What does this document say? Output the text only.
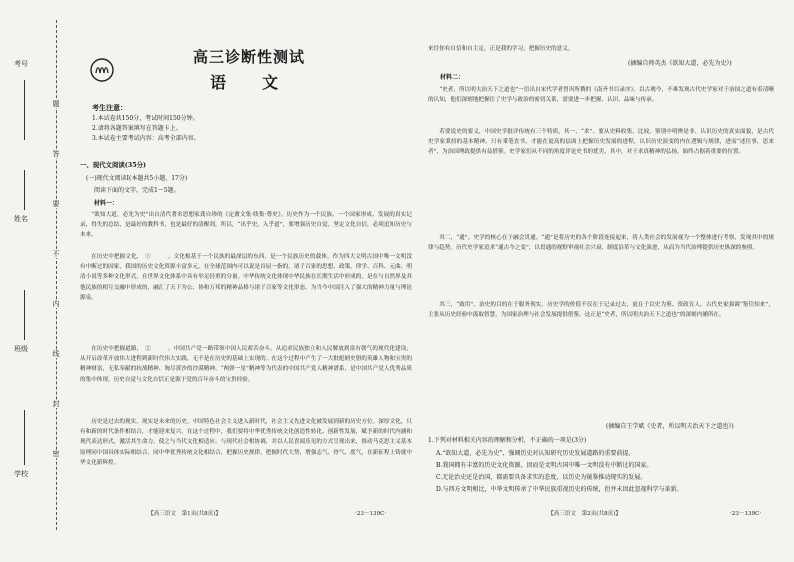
题
答
要
不
内
线
封
密
考号
姓名
班级
学校
高三诊断性测试
语　文
考生注意：
1.本试卷共150分，考试时间150分钟。
2.请将各题答案填写在答题卡上。
3.本试卷主要考试内容：高考全部内容。
一、现代文阅读(35分)
(一)现代文阅读Ⅰ(本题共5小题，17分)
阅读下面的文字，完成1～5题。
材料一：
“欲知大道，必先为史”出自清代著名思想家龚自珍的《定盦文集·续集·尊史》。历史作为一个民族、一个国家形成、发展的真实记录，得失的总结，是最好的教科书，也是最好的清醒剂，所以，“出乎史，入乎道”，要增强历史自觉，坚定文化自信，必须追知历史与本来。
在历史中把握文化，　①　　　。文化根基于一个民族的最深层的东西，是一个民族历史的载体。作为四大文明古国中唯一文明没有中断过的国家，我国的历史文化资源丰富多元，在全球范围内可以说是首屈一指的，诸子百家的思想、政策、律学、百科、元曲、明清小说等多种文化形式，在世界文化体系中具有举足轻重的分量。中华传统文化体现中华民族在长期生活中形成的，是在与自然界及其他民族的相互交融中形成的，融汇了天下为公、协和万邦的精神品格与诸子百家等文化形态，为当今中国注入了强大的精神力量与理论源泉。
在历史中把握道路，　②　　　。中国共产党一路带领中国人民艰苦奋斗，从追求民族独立和人民解放到富有朝气的现代化建设，从开启改革开放伟大进程到新时代伟大实践，无不是在历史的基础上实现的。在这个过程中产生了一大批彪炳史册的英雄人物和宝贵的精神财富，无私奉献的抗战精神、淘尽黄沙的沙漠精神、“两弹一星”精神等为代表的中国共产党人精神谱系，是中国共产党人优秀品质的集中体现。历史自觉与文化自信正是源于党的百年奋斗的宝贵经验。
历史是过去的现实，现实是未来的历史。中国特色社会主义进入新时代，社会主义先进文化被发展到新的历史方位。深厚文化，只有和新的时代条件相结合，才能迎来复兴。在这个过程中，我们要将中华优秀传统文化创造性转化、创新性发展，赋予新的时代内涵和现代表达形式，激活其生命力，使之与当代文化相适应、与现代社会相协调，并以人民喜闻乐见的方式呈现出来，推动马克思主义基本原理同中国具体实际相结合、同中华优秀传统文化相结合，把握历史规律，把握时代大势，增强志气、骨气、底气，在新征程上铸就中华文化新辉煌。
【高三语文　第1页(共8页)】	·23－139C·
来往你有自信和自主定，正是我的学习，把握历史的意义。
(摘编自师英杰《欲知大道，必先为史》)
材料二：
“史者，所以明夫治天下之道也”一语出自宋代学者曾巩所撰的《南齐书目录序》。以古观今，不难发现古代史学家对于治国之道有着清晰的认知，他们深刻地把握住了史学与政治的密切关系，需要进一步把握、认识、品味与传承。
若要说史的要义，中国史学批评传统有三个特质，其一，“求”。要从史料收集、比较、鉴别中明辨是非、认识历史的真实面貌，是古代史学家秉持的基本精神。只有秉笔直书，才能在更高的层面上把握历史发展的进程，认识历史演变的内在逻辑与规律，进而“述往事，思来者”，为治国理政提供有益借鉴。史学家们从不同的角度评论史书的优劣，其中，对于求真精神的弘扬，始终占据着重要的位置。
其二，“通”。史学的核心在于融会贯通。“通”是将历史的各个阶段连接起来，将人类社会的发展视为一个整体进行考察，发现其中的规律与趋势。历代史学家追求“通古今之变”，以贯通的视野审视社会兴衰、制度沿革与文化演进，从而为当代治理提供历史纵深的参照。
其三，“致用”。治史的目的在于服务现实。历史学的价值不仅在于记录过去，更在于以史为鉴、资政育人。古代史家强调“鉴往知来”，主张从历史经验中汲取智慧，为国家治理与社会发展提供借鉴，这正是“史者，所以明夫治天下之道也”的深刻内涵所在。
(摘编自王学斌《史者，所以明夫治天下之道也》)
1.下列对材料相关内容的理解和分析，不正确的一项是(3分)
A.“欲知大道，必先为史”，强调历史对认知研究历史发展道路的重要前提。
B.我国拥有丰富的历史文化资源，因而是文明古国中唯一文明没有中断过的国家。
C.无论治史还是治国，都需要具备求实的态度，以历史为镜鉴推动现实的发展。
D.与西方文明相比，中华文明传承了中华民族重视历史的传统，但并未因此忽视科学与革新。
【高三语文　第2页(共8页)】	·23－139C·
